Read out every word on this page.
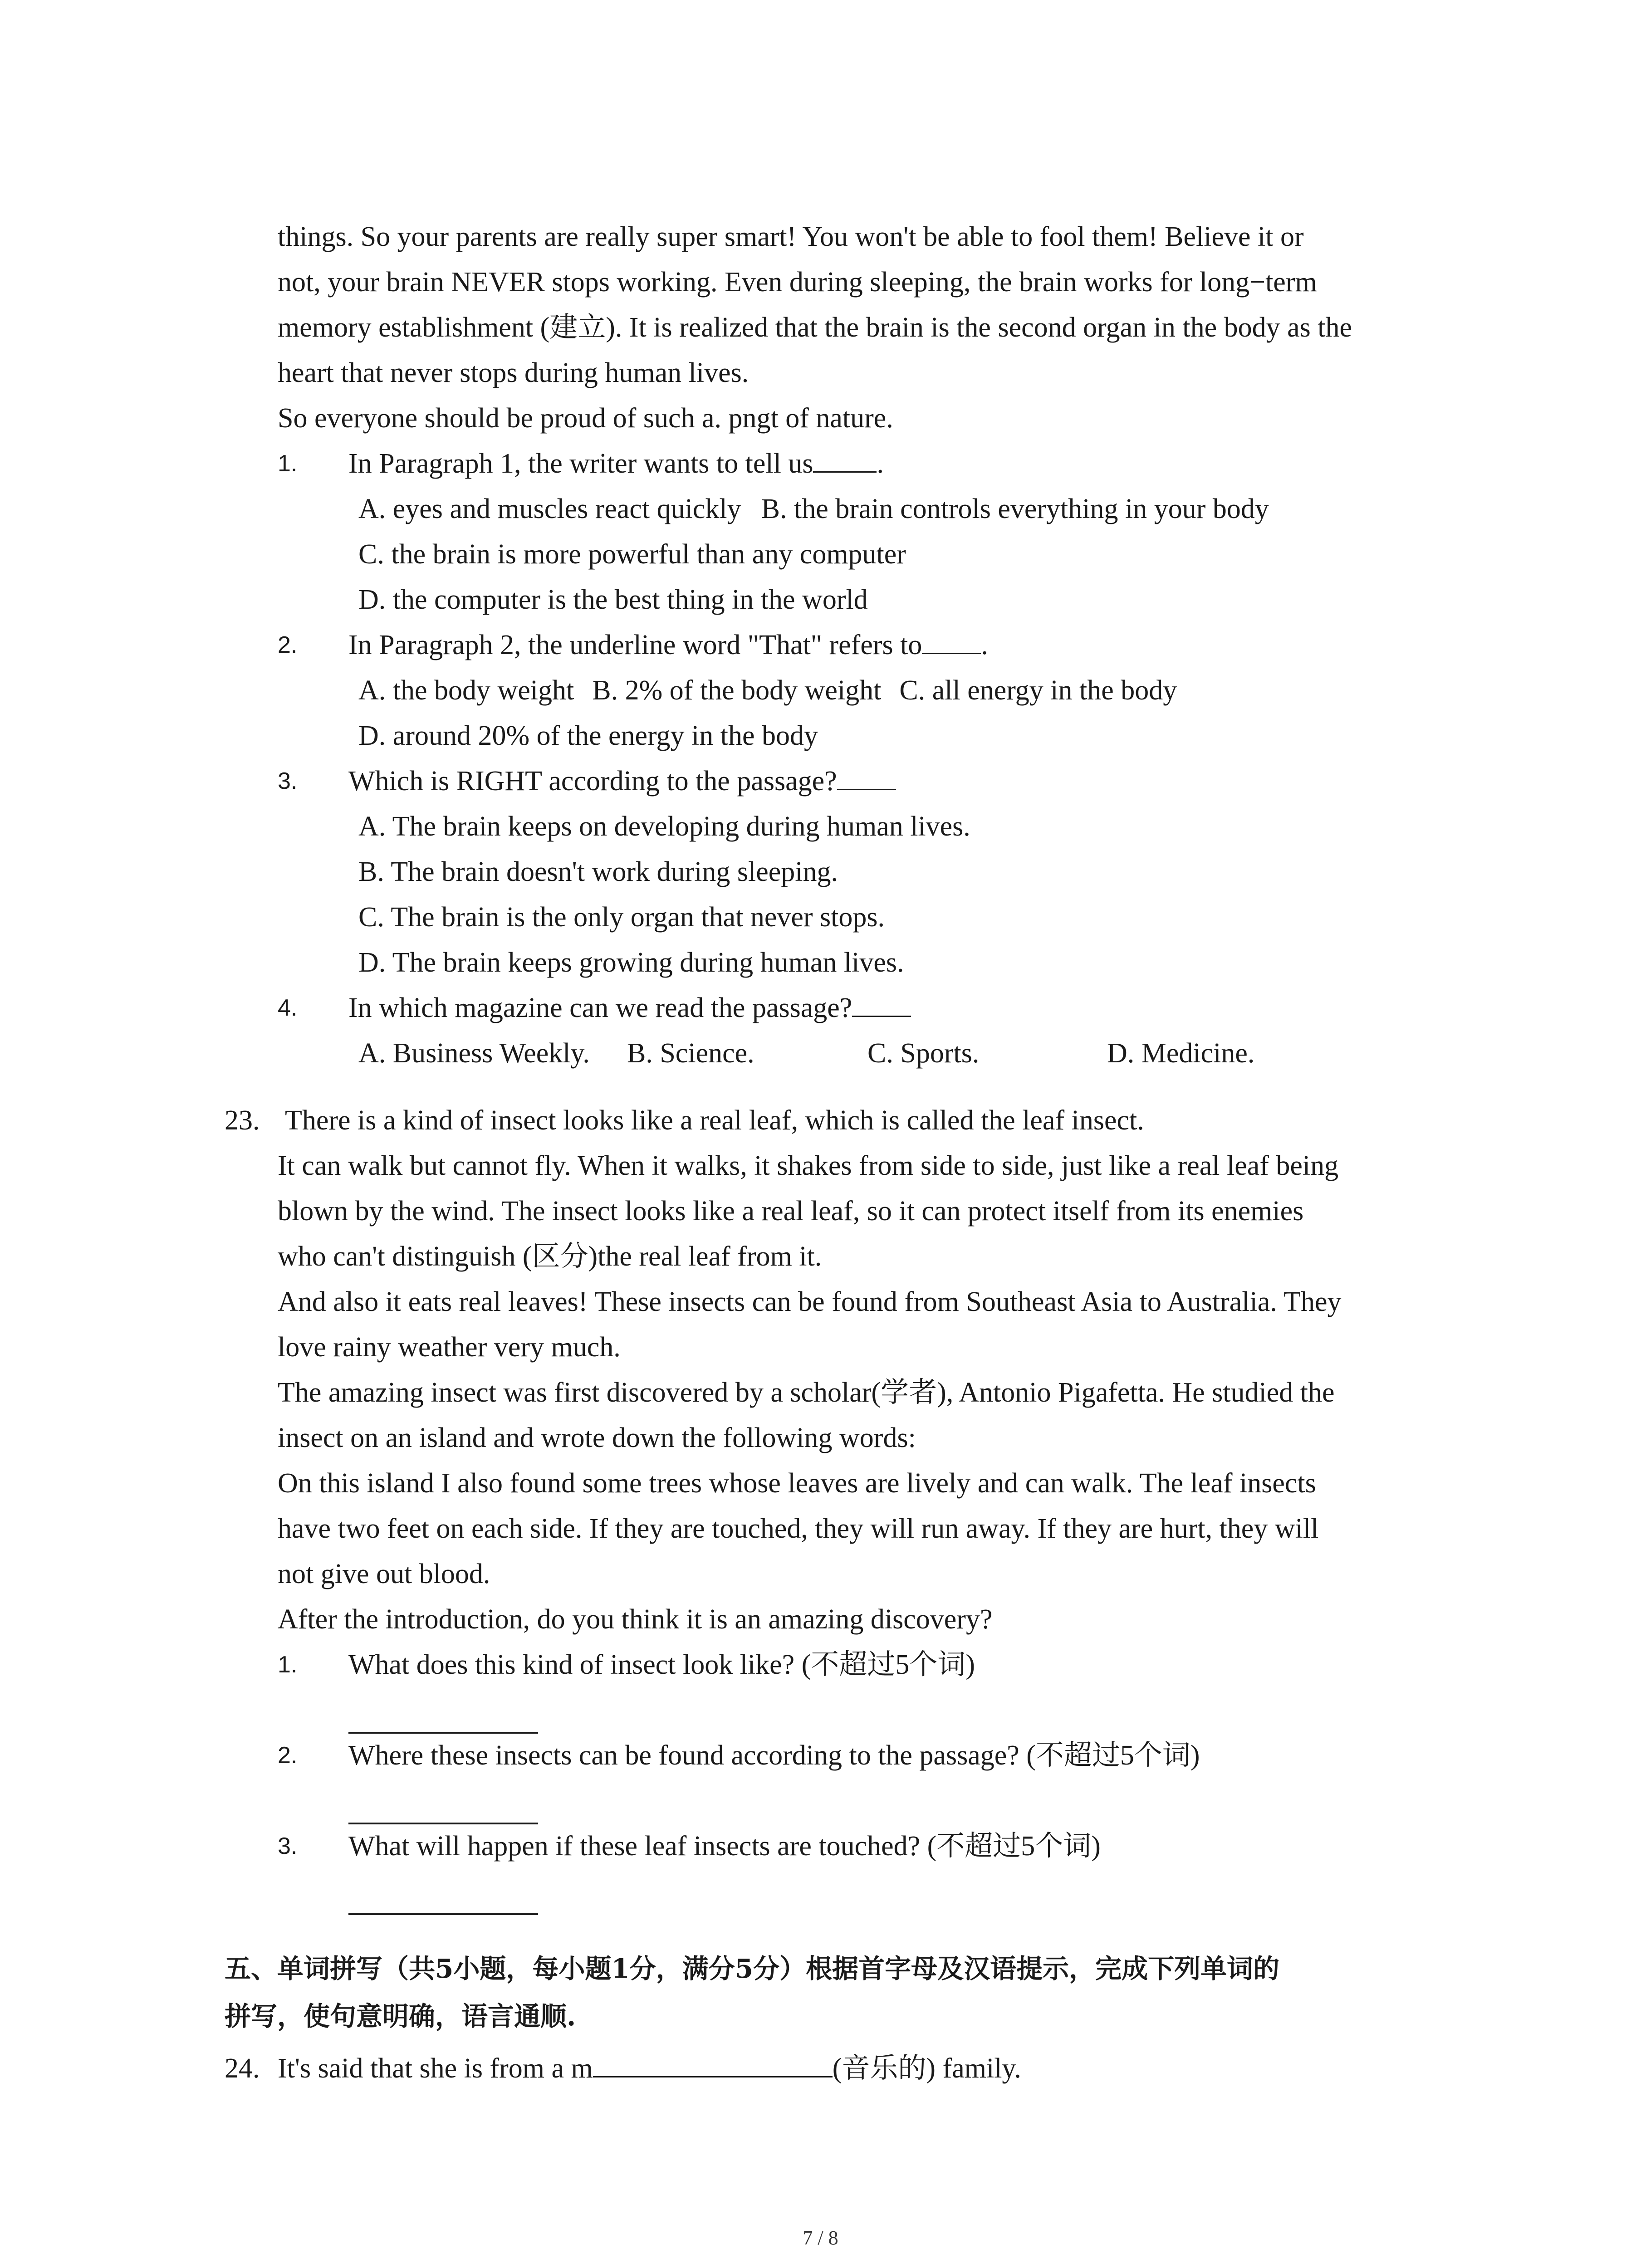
things. So your parents are really super smart! You won't be able to fool them! Believe it or
not, your brain NEVER stops working. Even during sleeping, the brain works for long−term
memory establishment (建立). It is realized that the brain is the second organ in the body as the
heart that never stops during human lives.
So everyone should be proud of such a. pngt of nature.
1. In Paragraph 1, the writer wants to tell us .
A. eyes and muscles react quickly B. the brain controls everything in your body
C. the brain is more powerful than any computer
D. the computer is the best thing in the world
2. In Paragraph 2, the underline word "That" refers to .
A. the body weight B. 2% of the body weight C. all energy in the body
D. around 20% of the energy in the body
3. Which is RIGHT according to the passage?
A. The brain keeps on developing during human lives.
B. The brain doesn't work during sleeping.
C. The brain is the only organ that never stops.
D. The brain keeps growing during human lives.
4. In which magazine can we read the passage?
A. Business Weekly. B. Science.	C. Sports.	D. Medicine.
23. There is a kind of insect looks like a real leaf, which is called the leaf insect.
It can walk but cannot fly. When it walks, it shakes from side to side, just like a real leaf being
blown by the wind. The insect looks like a real leaf, so it can protect itself from its enemies
who can't distinguish (区分)the real leaf from it.
And also it eats real leaves! These insects can be found from Southeast Asia to Australia. They
love rainy weather very much.
The amazing insect was first discovered by a scholar(学者), Antonio Pigafetta. He studied the
insect on an island and wrote down the following words:
On this island I also found some trees whose leaves are lively and can walk. The leaf insects
have two feet on each side. If they are touched, they will run away. If they are hurt, they will
not give out blood.
After the introduction, do you think it is an amazing discovery?
1. What does this kind of insect look like? (不超过5个词)
2. Where these insects can be found according to the passage? (不超过5个词)
3. What will happen if these leaf insects are touched? (不超过5个词)
五、单词拼写（共5小题，每小题1分，满分5分）根据首字母及汉语提示，完成下列单词的
拼写，使句意明确，语言通顺.
24. It's said that she is from a m	(音乐的) family.
7 / 8
